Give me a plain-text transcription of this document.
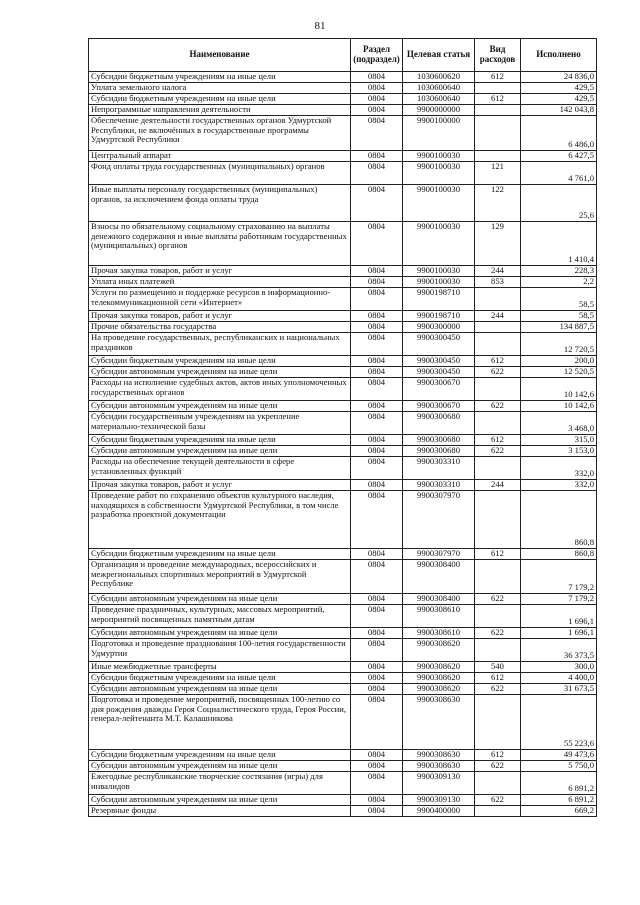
81
Наименование	Раздел (подраздел)	Целевая статья	Вид расходов	Исполнено
Субсидии бюджетным учреждениям на иные цели	0804	1030600620	612	24 836,0
Уплата земельного налога	0804	1030600640		429,5
Субсидии бюджетным учреждениям на иные цели	0804	1030600640	612	429,5
Непрограммные направления деятельности	0804	9900000000		142 043,8
Обеспечение деятельности государственных органов Удмуртской Республики, не включённых в государственные программы Удмуртской Республики	0804	9900100000		6 486,0
Центральный аппарат	0804	9900100030		6 427,5
Фонд оплаты труда государственных (муниципальных) органов	0804	9900100030	121	4 761,0
Иные выплаты персоналу государственных (муниципальных) органов, за исключением фонда оплаты труда	0804	9900100030	122	25,6
Взносы по обязательному социальному страхованию на выплаты денежного содержания и иные выплаты работникам государственных (муниципальных) органов	0804	9900100030	129	1 410,4
Прочая закупка товаров, работ и услуг	0804	9900100030	244	228,3
Уплата иных платежей	0804	9900100030	853	2,2
Услуги по размещению и поддержке ресурсов в информационно-телекоммуникационной сети «Интернет»	0804	9900198710		58,5
Прочая закупка товаров, работ и услуг	0804	9900198710	244	58,5
Прочие обязательства государства	0804	9900300000		134 887,5
На проведение государственных, республиканских и национальных праздников	0804	9900300450		12 720,5
Субсидии бюджетным учреждениям на иные цели	0804	9900300450	612	200,0
Субсидии автономным учреждениям на иные цели	0804	9900300450	622	12 520,5
Расходы на исполнение судебных актов, актов иных уполномоченных государственных органов	0804	9900300670		10 142,6
Субсидии автономным учреждениям на иные цели	0804	9900300670	622	10 142,6
Субсидии государственным учреждениям на укрепление материально-технической базы	0804	9900300680		3 468,0
Субсидии бюджетным учреждениям на иные цели	0804	9900300680	612	315,0
Субсидии автономным учреждениям на иные цели	0804	9900300680	622	3 153,0
Расходы на обеспечение текущей деятельности в сфере установленных функций	0804	9900303310		332,0
Прочая закупка товаров, работ и услуг	0804	9900303310	244	332,0
Проведение работ по сохранению объектов культурного наследия, находящихся в собственности Удмуртской Республики, в том числе разработка проектной документации	0804	9900307970		860,8
Субсидии бюджетным учреждениям на иные цели	0804	9900307970	612	860,8
Организация и проведение международных, всероссийских и межрегиональных спортивных мероприятий в Удмуртской Республике	0804	9900308400		7 179,2
Субсидии автономным учреждениям на иные цели	0804	9900308400	622	7 179,2
Проведение праздничных, культурных, массовых мероприятий, мероприятий посвященных памятным датам	0804	9900308610		1 696,1
Субсидии автономным учреждениям на иные цели	0804	9900308610	622	1 696,1
Подготовка и проведение празднования 100-летия государственности Удмуртии	0804	9900308620		36 373,5
Иные межбюджетные трансферты	0804	9900308620	540	300,0
Субсидии бюджетным учреждениям на иные цели	0804	9900308620	612	4 400,0
Субсидии автономным учреждениям на иные цели	0804	9900308620	622	31 673,5
Подготовка и проведение мероприятий, посвященных 100-летию со дня рождения дважды Героя Социалистического труда, Героя России, генерал-лейтенанта М.Т. Калашникова	0804	9900308630		55 223,6
Субсидии бюджетным учреждениям на иные цели	0804	9900308630	612	49 473,6
Субсидии автономным учреждениям на иные цели	0804	9900308630	622	5 750,0
Ежегодные республиканские творческие состязания (игры) для инвалидов	0804	9900309130		6 891,2
Субсидии автономным учреждениям на иные цели	0804	9900309130	622	6 891,2
Резервные фонды	0804	9900400000		669,2
